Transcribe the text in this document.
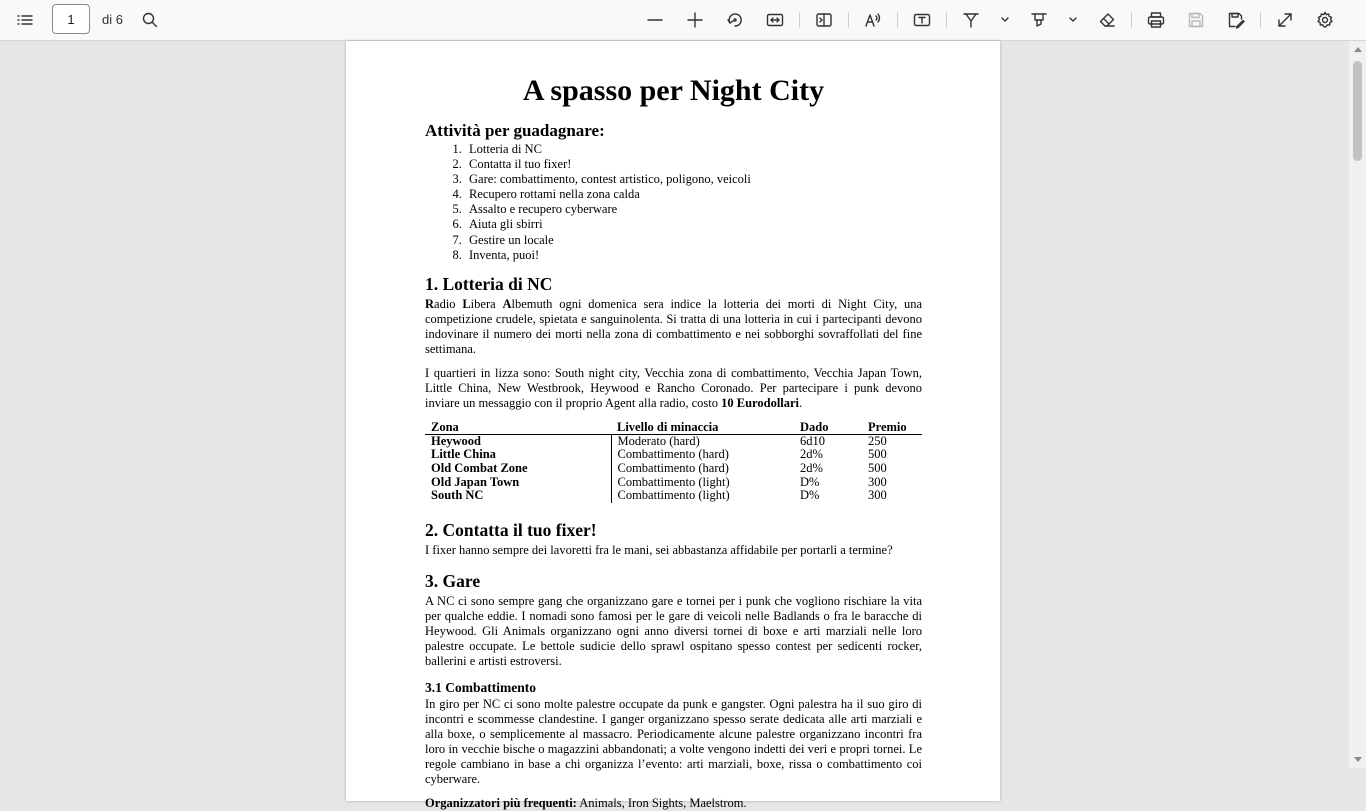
1
di 6
A spasso per Night City
Attività per guadagnare:
1. Lotteria di NC
2. Contatta il tuo fixer!
3. Gare: combattimento, contest artistico, poligono, veicoli
4. Recupero rottami nella zona calda
5. Assalto e recupero cyberware
6. Aiuta gli sbirri
7. Gestire un locale
8. Inventa, puoi!
1. Lotteria di NC

Radio Libera Albemuth ogni domenica sera indice la lotteria dei morti di Night City, una competizione crudele, spietata e sanguinolenta. Si tratta di una lotteria in cui i partecipanti devono indovinare il numero dei morti nella zona di combattimento e nei sobborghi sovraffollati del fine settimana.

I quartieri in lizza sono: South night city, Vecchia zona di combattimento, Vecchia Japan Town, Little China, New Westbrook, Heywood e Rancho Coronado. Per partecipare i punk devono inviare un messaggio con il proprio Agent alla radio, costo 10 Eurodollari.

Zona	Livello di minaccia	Dado	Premio
Heywood	Moderato (hard)	6d10	250
Little China	Combattimento (hard)	2d%	500
Old Combat Zone	Combattimento (hard)	2d%	500
Old Japan Town	Combattimento (light)	D%	300
South NC	Combattimento (light)	D%	300
2. Contatta il tuo fixer!

I fixer hanno sempre dei lavoretti fra le mani, sei abbastanza affidabile per portarli a termine?

3. Gare

A NC ci sono sempre gang che organizzano gare e tornei per i punk che vogliono rischiare la vita per qualche eddie. I nomadi sono famosi per le gare di veicoli nelle Badlands o fra le baracche di Heywood. Gli Animals organizzano ogni anno diversi tornei di boxe e arti marziali nelle loro palestre occupate. Le bettole sudicie dello sprawl ospitano spesso contest per sedicenti rocker, ballerini e artisti estroversi.

3.1 Combattimento

In giro per NC ci sono molte palestre occupate da punk e gangster. Ogni palestra ha il suo giro di incontri e scommesse clandestine. I ganger organizzano spesso serate dedicata alle arti marziali e alla boxe, o semplicemente al massacro. Periodicamente alcune palestre organizzano incontri fra loro in vecchie bische o magazzini abbandonati; a volte vengono indetti dei veri e propri tornei. Le regole cambiano in base a chi organizza l’evento: arti marziali, boxe, rissa o combattimento coi cyberware.

Organizzatori più frequenti: Animals, Iron Sights, Maelstrom.
